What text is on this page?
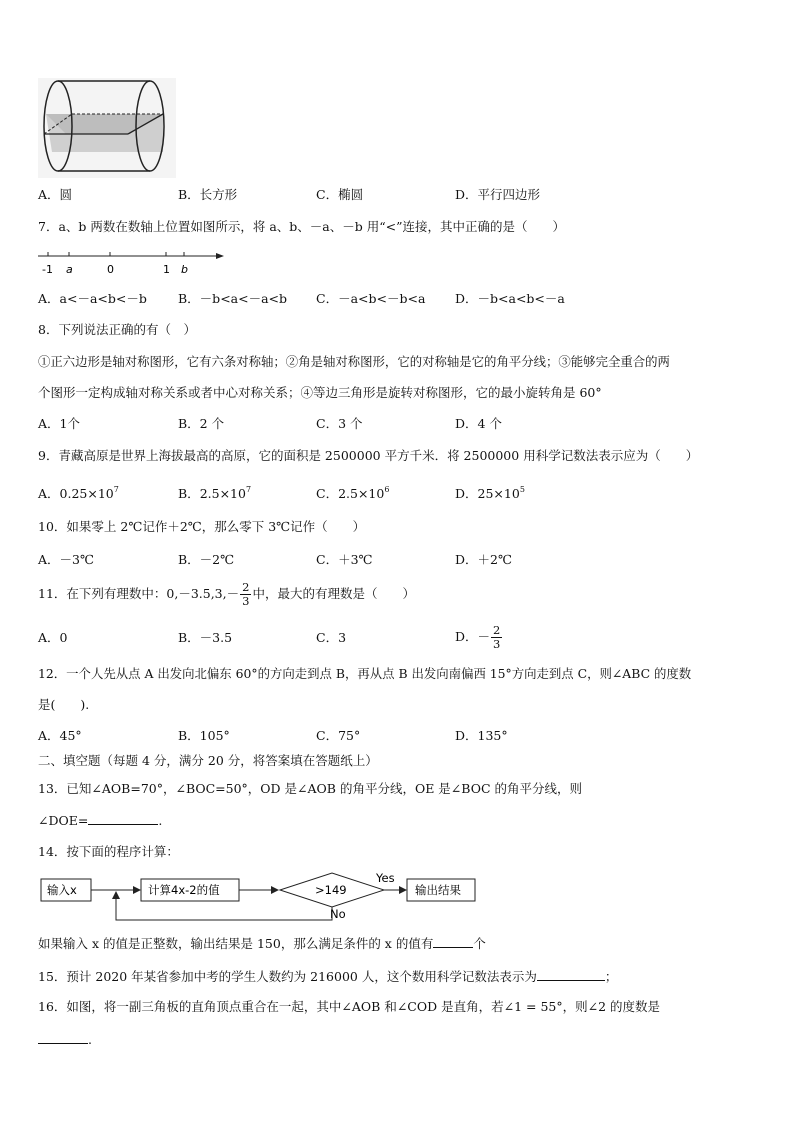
A．圆	B．长方形	C．椭圆	D．平行四边形
7．a、b 两数在数轴上位置如图所示，将 a、b、－a、－b 用“<”连接，其中正确的是（　　）
-1 a	0	1 b
A．a<－a<b<－b B．－b<a<－a<b C．－a<b<－b<a D．－b<a<b<－a
8．下列说法正确的有（　）
①正六边形是轴对称图形，它有六条对称轴；②角是轴对称图形，它的对称轴是它的角平分线；③能够完全重合的两
个图形一定构成轴对称关系或者中心对称关系；④等边三角形是旋转对称图形，它的最小旋转角是 60°
A．1个	B．2 个	C．3 个	D．4 个
9．青藏高原是世界上海拔最高的高原，它的面积是 2500000 平方千米．将 2500000 用科学记数法表示应为（　　）
A．$0.25\times 10^7$	B．$2.5\times 10^7$	C．$2.5\times 10^6$	D．$25\times 10^5$
10．如果零上 2℃记作＋2℃，那么零下 3℃记作（　　）
A．－3℃	B．－2℃	C．＋3℃	D．＋2℃
11．在下列有理数中：$0,-3.5,3,- \frac{2}{3}$ 中，最大的有理数是（　　）
A．0	B．－3.5	C．3	D．－ $\frac{2}{3}$
12．一个人先从点 A 出发向北偏东 60°的方向走到点 B，再从点 B 出发向南偏西 15°方向走到点 C，则∠ABC 的度数
是(　　).
A．45°	B．105°	C．75°	D．135°
二、填空题（每题 4 分，满分 20 分，将答案填在答题纸上）
13．已知∠AOB=70°，∠BOC=50°，OD 是∠AOB 的角平分线，OE 是∠BOC 的角平分线，则
∠DOE=	.
14．按下面的程序计算：
输入x	计算4x-2的值	>149
Yes
输出结果
No
如果输入 x 的值是正整数，输出结果是 150，那么满足条件的 x 的值有	个
15．预计 2020 年某省参加中考的学生人数约为 216000 人，这个数用科学记数法表示为	；
16．如图，将一副三角板的直角顶点重合在一起，其中∠AOB 和∠COD 是直角，若∠1 = 55°，则∠2 的度数是
.
